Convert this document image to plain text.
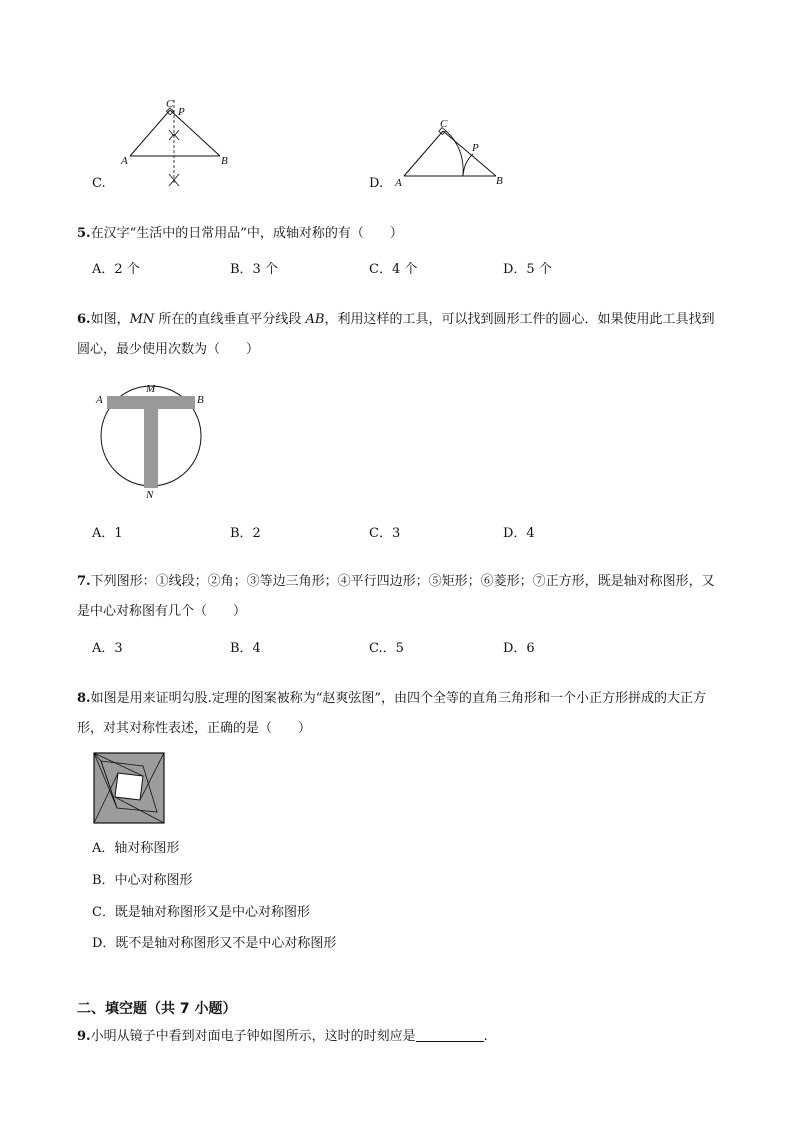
C
P
A	B
C.
C
P
A	B
D.
5.在汉字“生活中的日常用品”中，成轴对称的有（　　）
A．2 个	B．3 个	C．4 个	D．5 个
6.如图，MN 所在的直线垂直平分线段 AB，利用这样的工具，可以找到圆形工件的圆心．如果使用此工具找到圆心，最少使用次数为（　　）
A
M
B
N
A．1	B．2	C．3	D．4
7.下列图形：①线段；②角；③等边三角形；④平行四边形；⑤矩形；⑥菱形；⑦正方形，既是轴对称图形，又是中心对称图有几个（　　）
A．3	B．4	C.．5	D．6
8.如图是用来证明勾股.定理的图案被称为“赵爽弦图”，由四个全等的直角三角形和一个小正方形拼成的大正方形，对其对称性表述，正确的是（　　）
A．轴对称图形
B．中心对称图形
C．既是轴对称图形又是中心对称图形
D．既不是轴对称图形又不是中心对称图形
二、填空题（共 7 小题）
9.小明从镜子中看到对面电子钟如图所示，这时的时刻应是	.
